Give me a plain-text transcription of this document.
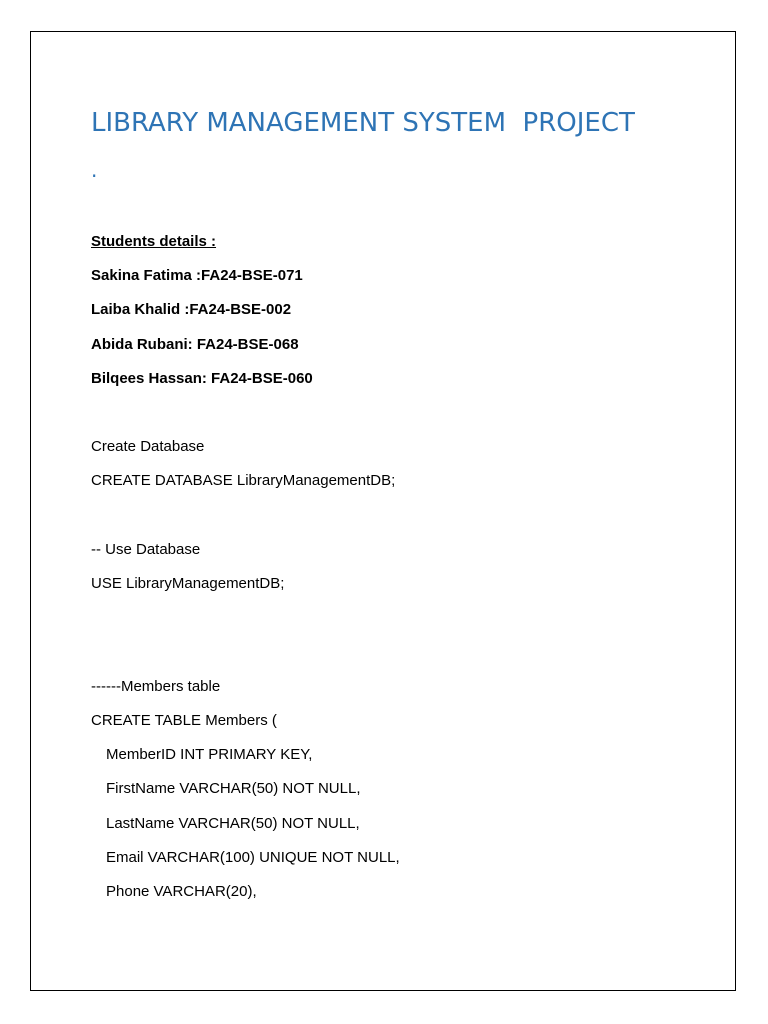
LIBRARY MANAGEMENT SYSTEM  PROJECT
.

Students details :

Sakina Fatima :FA24-BSE-071

Laiba Khalid :FA24-BSE-002

Abida Rubani: FA24-BSE-068

Bilqees Hassan: FA24-BSE-060

Create Database

CREATE DATABASE LibraryManagementDB;

-- Use Database

USE LibraryManagementDB;

------Members table

CREATE TABLE Members (

MemberID INT PRIMARY KEY,

FirstName VARCHAR(50) NOT NULL,

LastName VARCHAR(50) NOT NULL,

Email VARCHAR(100) UNIQUE NOT NULL,

Phone VARCHAR(20),
